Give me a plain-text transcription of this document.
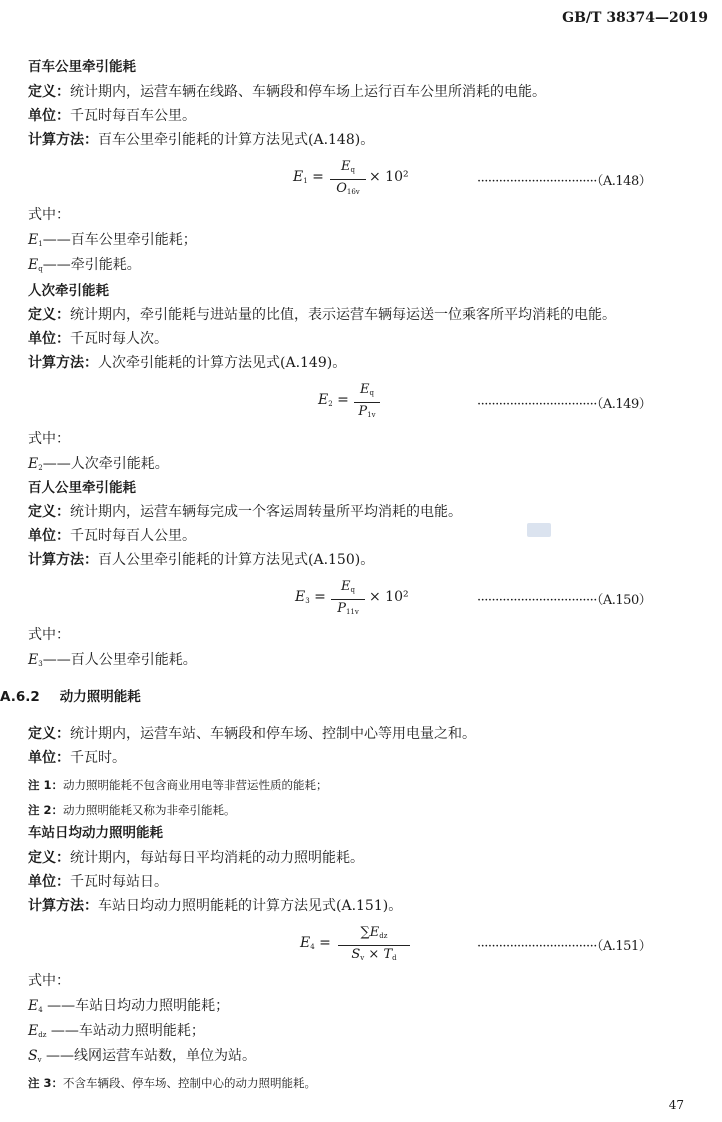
GB/T 38374—2019
百车公里牵引能耗
定义：统计期内，运营车辆在线路、车辆段和停车场上运行百车公里所消耗的电能。
单位：千瓦时每百车公里。
计算方法：百车公里牵引能耗的计算方法见式(A.148)。
$E_1$ =
$E_q$
$O_{16v}$
× 10²	·································（A.148）
式中：
$E_1——$百车公里牵引能耗；
$E_q——$牵引能耗。
人次牵引能耗
定义：统计期内，牵引能耗与进站量的比值，表示运营车辆每运送一位乘客所平均消耗的电能。
单位：千瓦时每人次。
计算方法：人次牵引能耗的计算方法见式(A.149)。
$E_2$ =
$E_q$
$P_{1v}$
·································（A.149）
式中：
$E_2——$人次牵引能耗。
百人公里牵引能耗
定义：统计期内，运营车辆每完成一个客运周转量所平均消耗的电能。
单位：千瓦时每百人公里。
计算方法：百人公里牵引能耗的计算方法见式(A.150)。
$E_3$ =
$E_q$
$P_{11v}$
× 10²	·································（A.150）
式中：
$E_3——$百人公里牵引能耗。
A.6.2 动力照明能耗
定义：统计期内，运营车站、车辆段和停车场、控制中心等用电量之和。
单位：千瓦时。
注 1：动力照明能耗不包含商业用电等非营运性质的能耗；
注 2：动力照明能耗又称为非牵引能耗。
车站日均动力照明能耗
定义：统计期内，每站每日平均消耗的动力照明能耗。
单位：千瓦时每站日。
计算方法：车站日均动力照明能耗的计算方法见式(A.151)。
$E_4$ =
$\sum E_{dz}$
$S_v \times T_d$
·································（A.151）
式中：
$E_4$ ——车站日均动力照明能耗；
$E_{dz}$ ——车站动力照明能耗；
$S_v$ ——线网运营车站数，单位为站。
注 3：不含车辆段、停车场、控制中心的动力照明能耗。
47
